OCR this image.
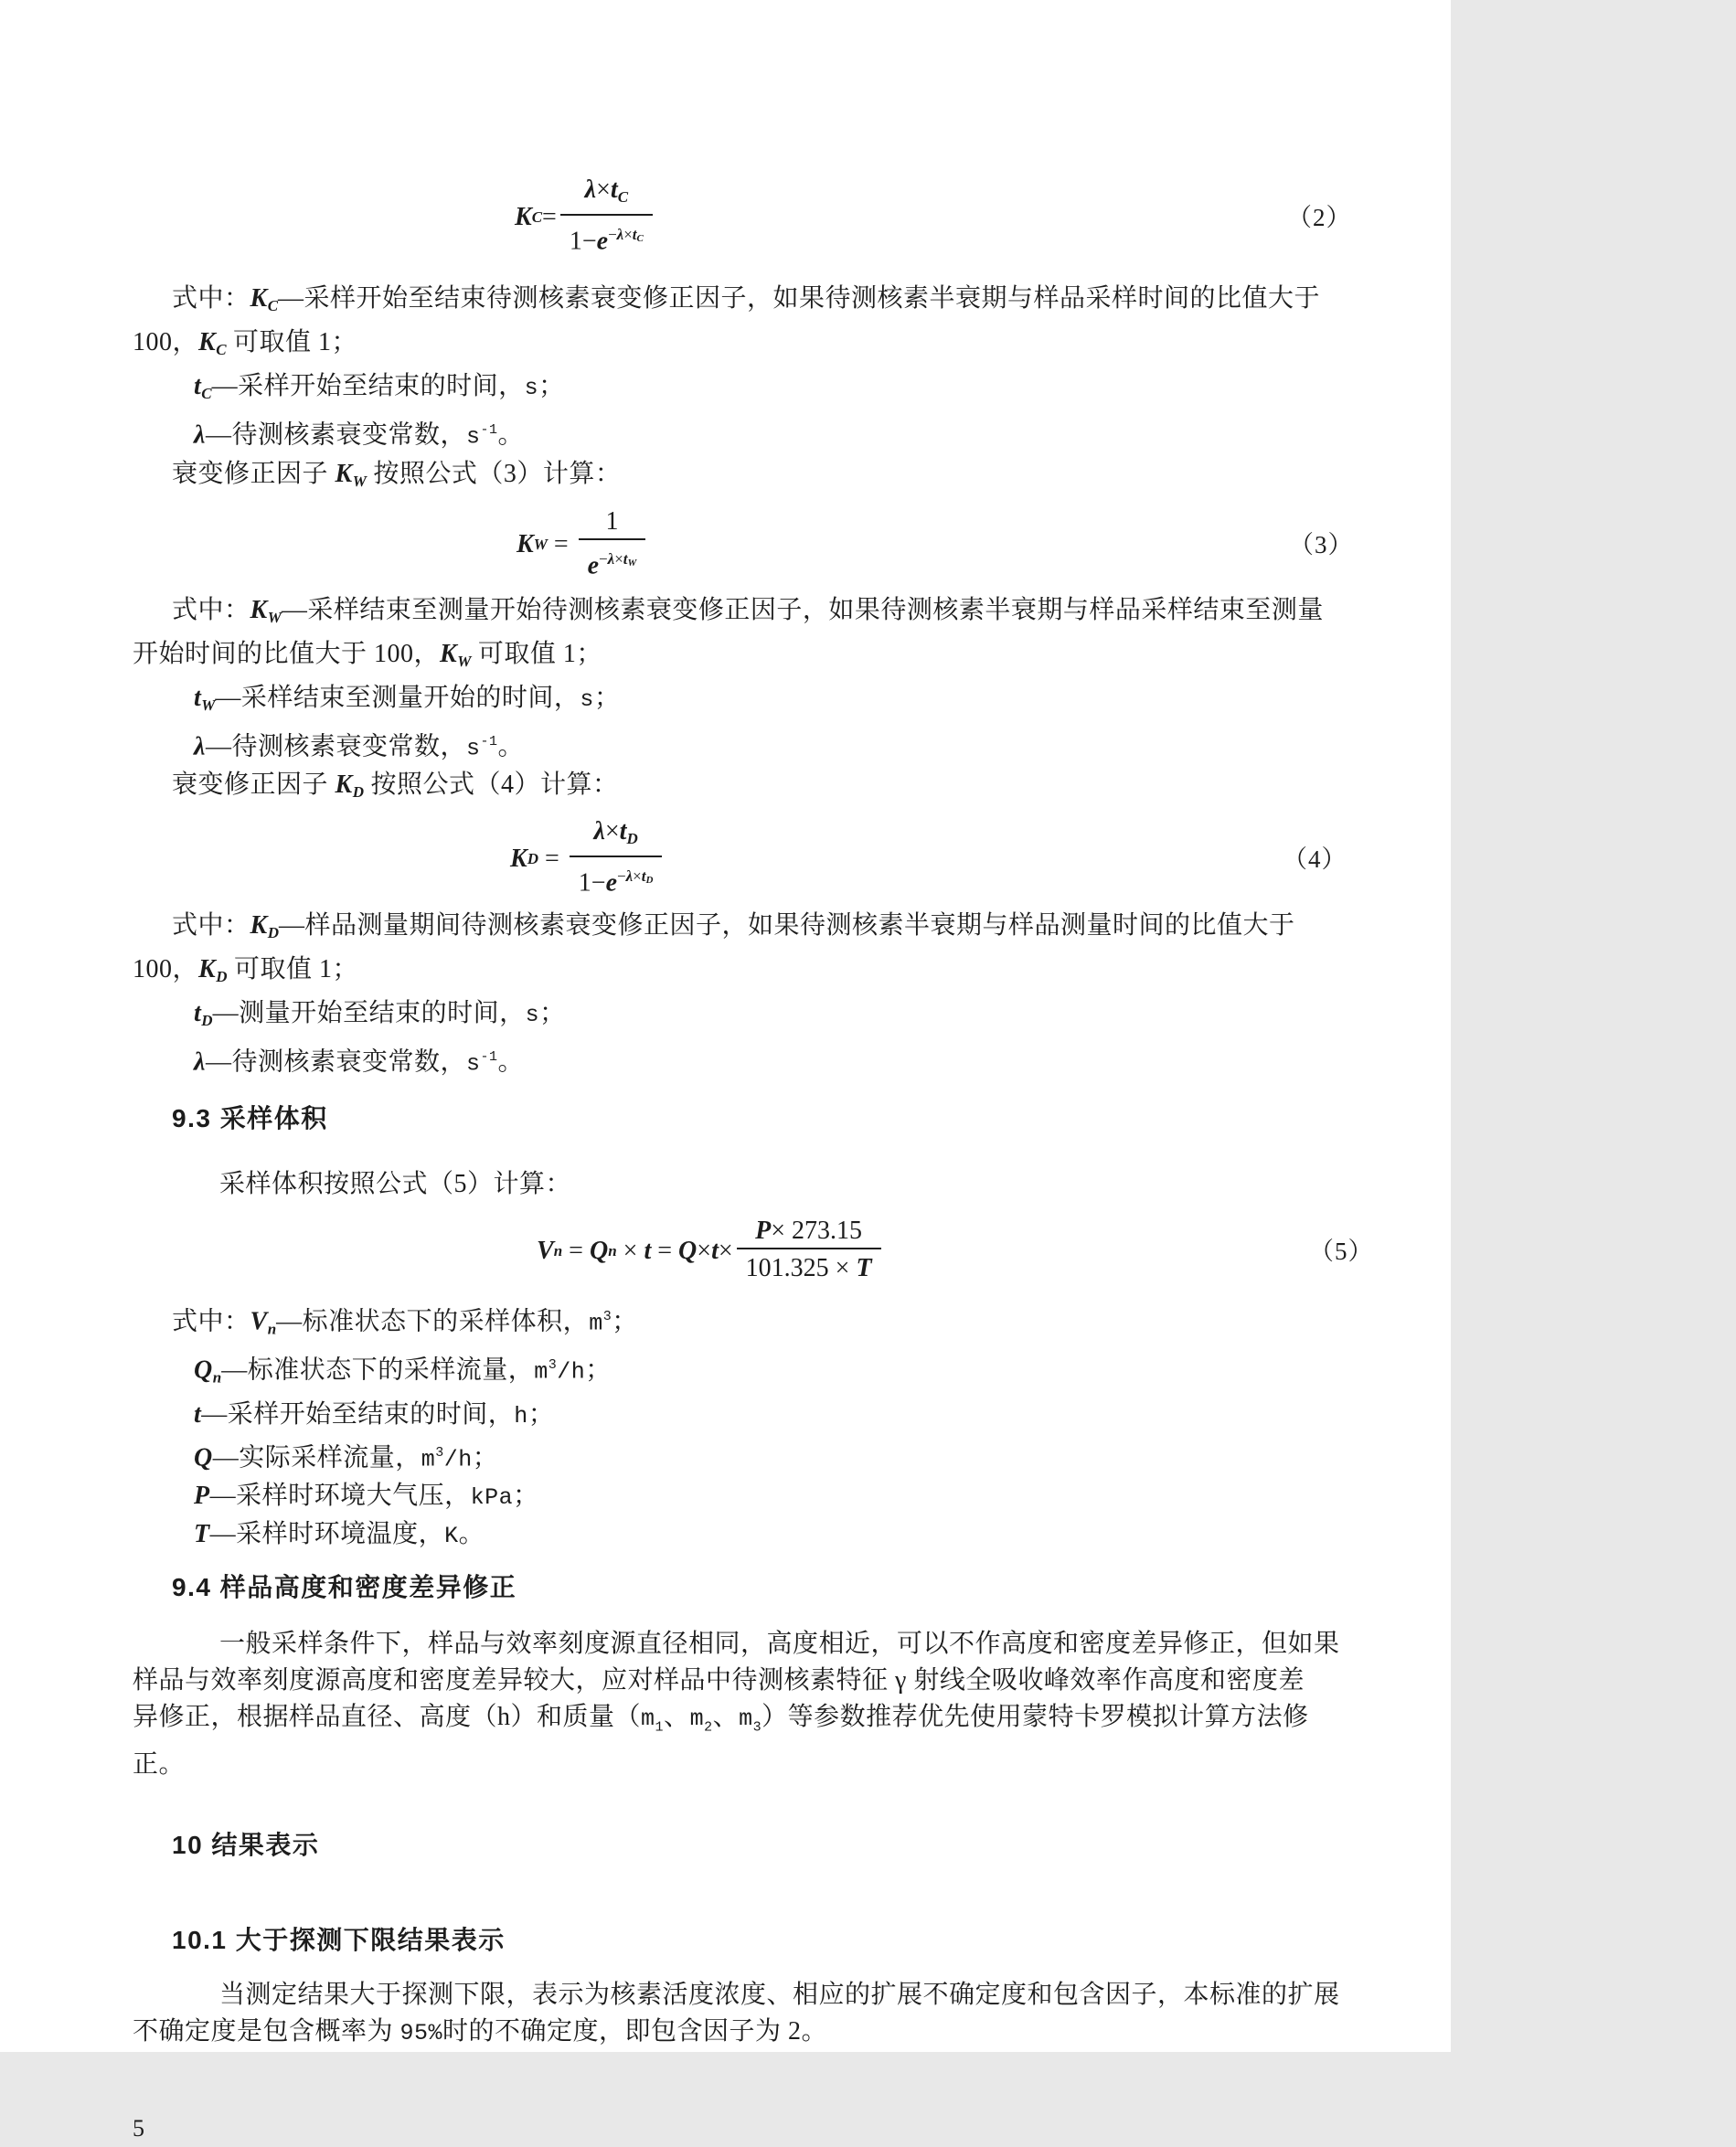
K $C = \frac{\lambda\times tC}{1-e^{-\lambda\times tC}}$	（2）
式中：KC—采样开始至结束待测核素衰变修正因子，如果待测核素半衰期与样品采样时间的比值大于
100，KC 可取值 1；
tC—采样开始至结束的时间，s；
λ—待测核素衰变常数，$s^{-1}$。
衰变修正因子 KW 按照公式（3）计算：
K $W = \frac{1}{e^{-\lambda\times tW}}$	（3）
式中：KW—采样结束至测量开始待测核素衰变修正因子，如果待测核素半衰期与样品采样结束至测量
开始时间的比值大于 100，KW 可取值 1；
tW—采样结束至测量开始的时间，s；
λ—待测核素衰变常数，$s^{-1}$。
衰变修正因子 KD 按照公式（4）计算：
K $D = \frac{\lambda\times tD}{1-e^{-\lambda\times tD}}$	（4）
式中：KD—样品测量期间待测核素衰变修正因子，如果待测核素半衰期与样品测量时间的比值大于
100，KD 可取值 1；
tD—测量开始至结束的时间，s；
λ—待测核素衰变常数，$s^{-1}$。
9.3 采样体积
采样体积按照公式（5）计算：
V n = Q $n \times t = Q \times t \times \frac{P\times 273.15}{101.325 \times T}$	（5）
式中：Vn—标准状态下的采样体积，$m^3$；
Qn—标准状态下的采样流量，$m^3/h$；
t—采样开始至结束的时间，h；
Q—实际采样流量，$m^3/h$；
P—采样时环境大气压，kPa；
T—采样时环境温度，K。
9.4 样品高度和密度差异修正
一般采样条件下，样品与效率刻度源直径相同，高度相近，可以不作高度和密度差异修正，但如果
样品与效率刻度源高度和密度差异较大，应对样品中待测核素特征 γ 射线全吸收峰效率作高度和密度差
异修正，根据样品直径、高度（h）和质量（$m_1$、$m_2$、$m_3$）等参数推荐优先使用蒙特卡罗模拟计算方法修
正。
10 结果表示
10.1 大于探测下限结果表示
当测定结果大于探测下限，表示为核素活度浓度、相应的扩展不确定度和包含因子，本标准的扩展
不确定度是包含概率为 95%时的不确定度，即包含因子为 2。
5
